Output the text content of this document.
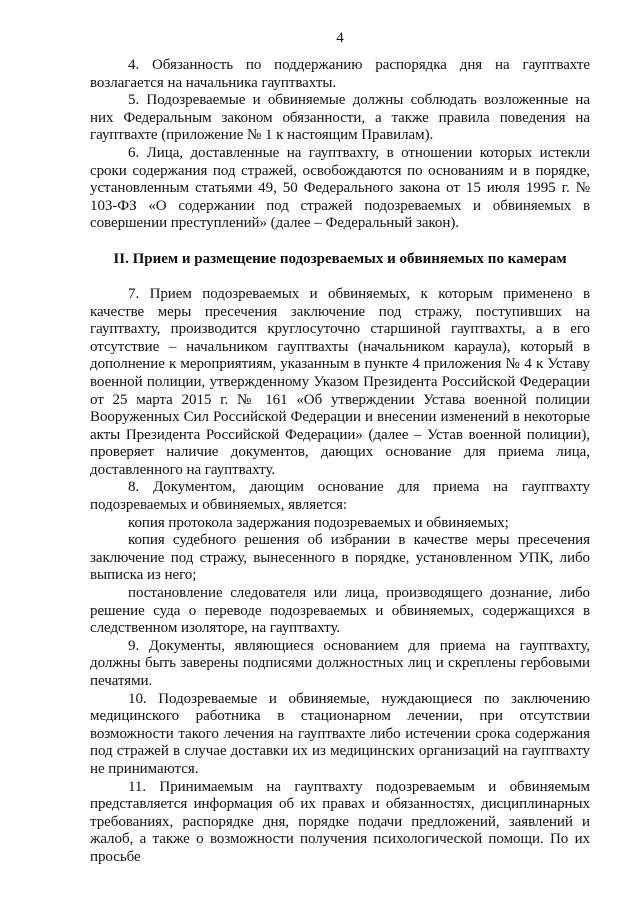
4

4. Обязанность по поддержанию распорядка дня на гауптвахте возлагается на начальника гауптвахты.

5. Подозреваемые и обвиняемые должны соблюдать возложенные на них Федеральным законом обязанности, а также правила поведения на гауптвахте (приложение № 1 к настоящим Правилам).

6. Лица, доставленные на гауптвахту, в отношении которых истекли сроки содержания под стражей, освобождаются по основаниям и в порядке, установленным статьями 49, 50 Федерального закона от 15 июля 1995 г. № 103-ФЗ «О содержании под стражей подозреваемых и обвиняемых в совершении преступлений» (далее – Федеральный закон).

II. Прием и размещение подозреваемых и обвиняемых по камерам

7. Прием подозреваемых и обвиняемых, к которым применено в качестве меры пресечения заключение под стражу, поступивших на гауптвахту, производится круглосуточно старшиной гауптвахты, а в его отсутствие – начальником гауптвахты (начальником караула), который в дополнение к мероприятиям, указанным в пункте 4 приложения № 4 к Уставу военной полиции, утвержденному Указом Президента Российской Федерации от 25 марта 2015 г. № 161 «Об утверждении Устава военной полиции Вооруженных Сил Российской Федерации и внесении изменений в некоторые акты Президента Российской Федерации» (далее – Устав военной полиции), проверяет наличие документов, дающих основание для приема лица, доставленного на гауптвахту.

8. Документом, дающим основание для приема на гауптвахту подозреваемых и обвиняемых, является:

копия протокола задержания подозреваемых и обвиняемых;

копия судебного решения об избрании в качестве меры пресечения заключение под стражу, вынесенного в порядке, установленном УПК, либо выписка из него;

постановление следователя или лица, производящего дознание, либо решение суда о переводе подозреваемых и обвиняемых, содержащихся в следственном изоляторе, на гауптвахту.

9. Документы, являющиеся основанием для приема на гауптвахту, должны быть заверены подписями должностных лиц и скреплены гербовыми печатями.

10. Подозреваемые и обвиняемые, нуждающиеся по заключению медицинского работника в стационарном лечении, при отсутствии возможности такого лечения на гауптвахте либо истечении срока содержания под стражей в случае доставки их из медицинских организаций на гауптвахту не принимаются.

11. Принимаемым на гауптвахту подозреваемым и обвиняемым представляется информация об их правах и обязанностях, дисциплинарных требованиях, распорядке дня, порядке подачи предложений, заявлений и жалоб, а также о возможности получения психологической помощи. По их просьбе
